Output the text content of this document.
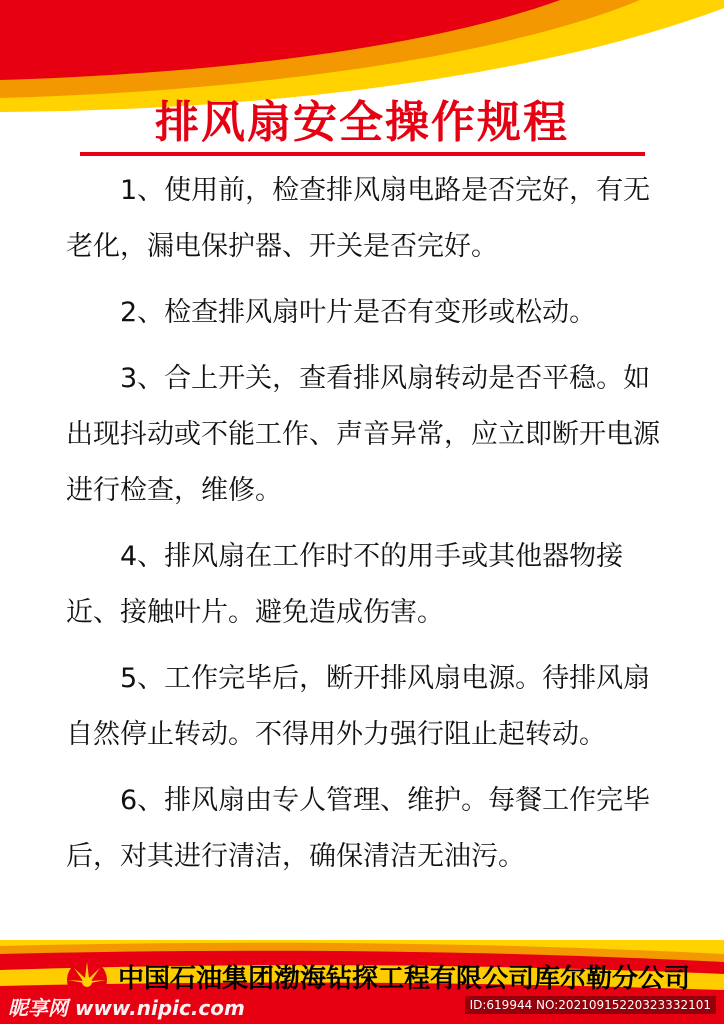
排风扇安全操作规程

1、使用前，检查排风扇电路是否完好，有无老化，漏电保护器、开关是否完好。

2、检查排风扇叶片是否有变形或松动。

3、合上开关，查看排风扇转动是否平稳。如出现抖动或不能工作、声音异常，应立即断开电源进行检查，维修。

4、排风扇在工作时不的用手或其他器物接近、接触叶片。避免造成伤害。

5、工作完毕后，断开排风扇电源。待排风扇自然停止转动。不得用外力强行阻止起转动。

6、排风扇由专人管理、维护。每餐工作完毕后，对其进行清洁，确保清洁无油污。

中国石油集团渤海钻探工程有限公司库尔勒分公司
昵享网 www.nipic.com	ID:619944 NO:20210915220323332101
